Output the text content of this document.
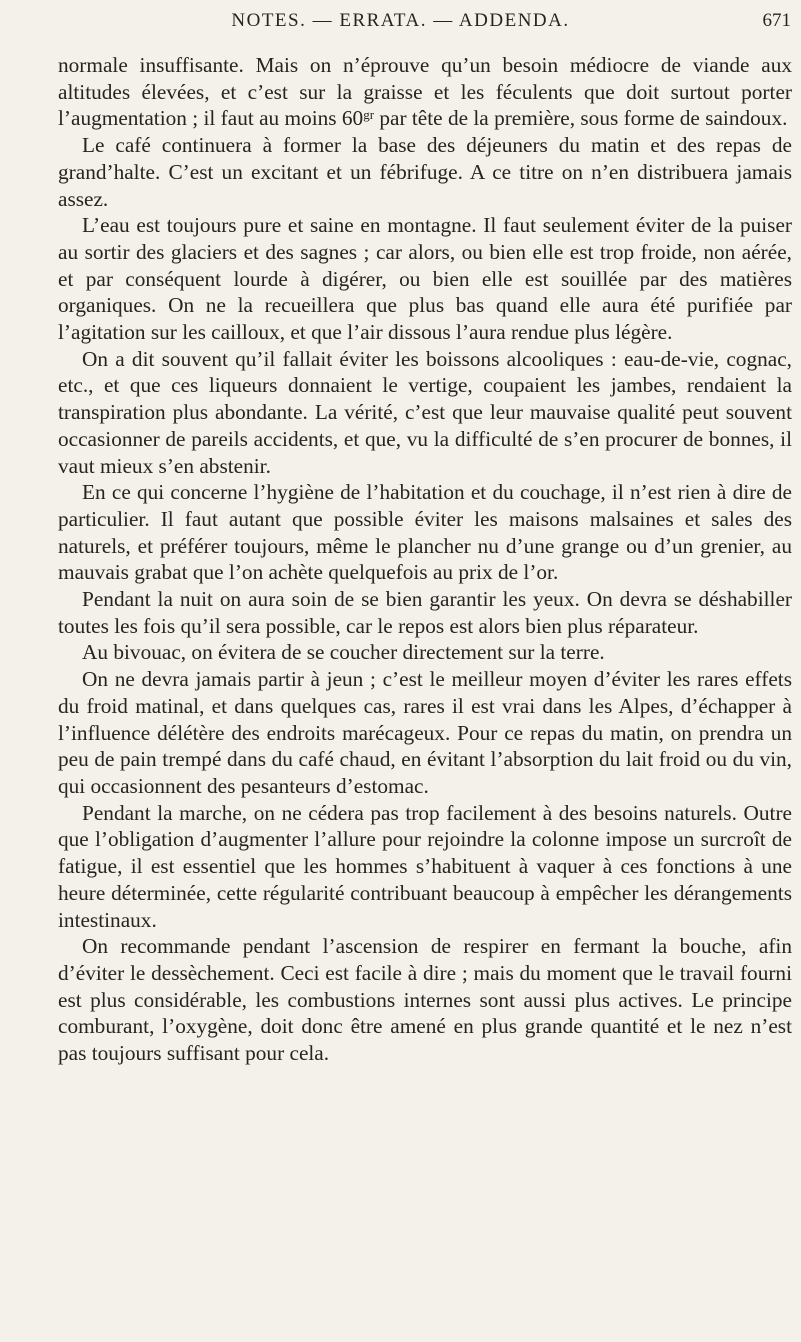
NOTES. — ERRATA. — ADDENDA.	671

normale insuffisante. Mais on n’éprouve qu’un besoin médiocre de viande aux altitudes élevées, et c’est sur la graisse et les féculents que doit surtout porter l’augmentation ; il faut au moins $60^{gr}$ par tête de la première, sous forme de saindoux.

Le café continuera à former la base des déjeuners du matin et des repas de grand’halte. C’est un excitant et un fébrifuge. A ce titre on n’en distribuera jamais assez.

L’eau est toujours pure et saine en montagne. Il faut seulement éviter de la puiser au sortir des glaciers et des sagnes ; car alors, ou bien elle est trop froide, non aérée, et par conséquent lourde à digérer, ou bien elle est souillée par des matières organiques. On ne la recueillera que plus bas quand elle aura été purifiée par l’agitation sur les cailloux, et que l’air dissous l’aura rendue plus légère.

On a dit souvent qu’il fallait éviter les boissons alcooliques : eau-de-vie, cognac, etc., et que ces liqueurs donnaient le vertige, coupaient les jambes, rendaient la transpiration plus abondante. La vérité, c’est que leur mauvaise qualité peut souvent occasionner de pareils accidents, et que, vu la difficulté de s’en procurer de bonnes, il vaut mieux s’en abstenir.

En ce qui concerne l’hygiène de l’habitation et du couchage, il n’est rien à dire de particulier. Il faut autant que possible éviter les maisons malsaines et sales des naturels, et préférer toujours, même le plancher nu d’une grange ou d’un grenier, au mauvais grabat que l’on achète quelquefois au prix de l’or.

Pendant la nuit on aura soin de se bien garantir les yeux. On devra se déshabiller toutes les fois qu’il sera possible, car le repos est alors bien plus réparateur.

Au bivouac, on évitera de se coucher directement sur la terre.

On ne devra jamais partir à jeun ; c’est le meilleur moyen d’éviter les rares effets du froid matinal, et dans quelques cas, rares il est vrai dans les Alpes, d’échapper à l’influence délétère des endroits marécageux. Pour ce repas du matin, on prendra un peu de pain trempé dans du café chaud, en évitant l’absorption du lait froid ou du vin, qui occasionnent des pesanteurs d’estomac.

Pendant la marche, on ne cédera pas trop facilement à des besoins naturels. Outre que l’obligation d’augmenter l’allure pour rejoindre la colonne impose un surcroît de fatigue, il est essentiel que les hommes s’habituent à vaquer à ces fonctions à une heure déterminée, cette régularité contribuant beaucoup à empêcher les dérangements intestinaux.

On recommande pendant l’ascension de respirer en fermant la bouche, afin d’éviter le dessèchement. Ceci est facile à dire ; mais du moment que le travail fourni est plus considérable, les combustions internes sont aussi plus actives. Le principe comburant, l’oxygène, doit donc être amené en plus grande quantité et le nez n’est pas toujours suffisant pour cela.
